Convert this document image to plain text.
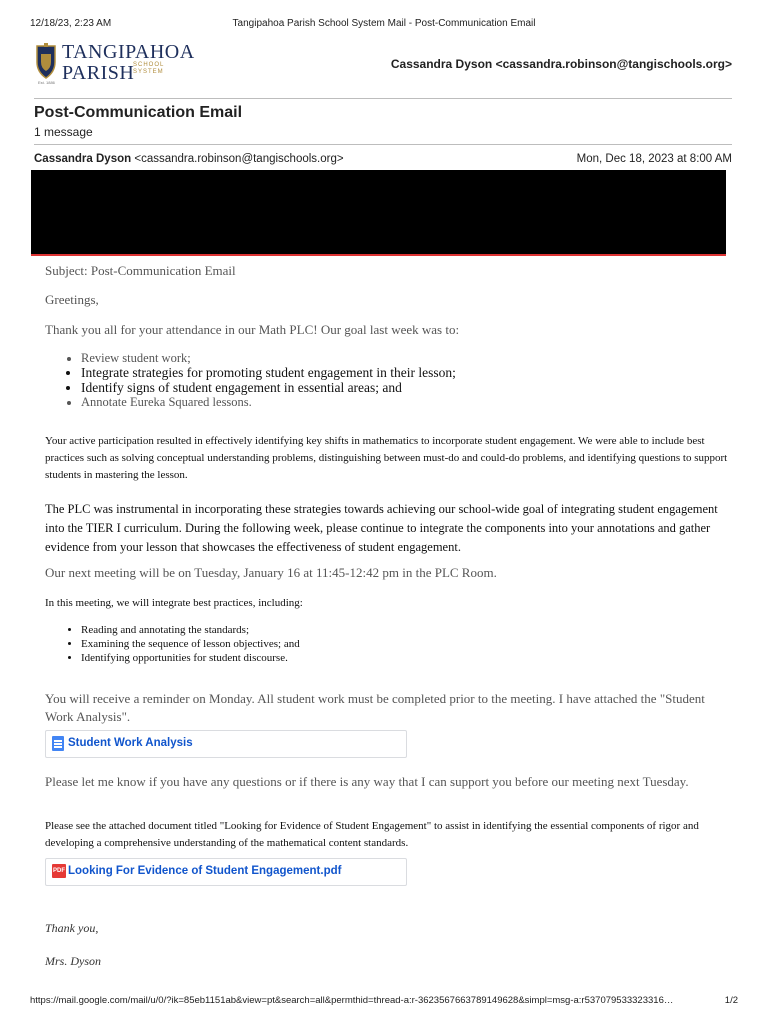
12/18/23, 2:23 AM	Tangipahoa Parish School System Mail - Post-Communication Email
TANGIPAHOA
PARISH
SCHOOL
SYSTEM
Est. 1886
Cassandra Dyson <cassandra.robinson@tangischools.org>
Post-Communication Email
1 message
Cassandra Dyson <cassandra.robinson@tangischools.org>	Mon, Dec 18, 2023 at 8:00 AM
Subject: Post-Communication Email
Greetings,
Thank you all for your attendance in our Math PLC! Our goal last week was to:
• Review student work;
• Integrate strategies for promoting student engagement in their lesson;
• Identify signs of student engagement in essential areas; and
• Annotate Eureka Squared lessons.

Your active participation resulted in effectively identifying key shifts in mathematics to incorporate student engagement. We were able to include best practices such as solving conceptual understanding problems, distinguishing between must-do and could-do problems, and identifying questions to support students in mastering the lesson.

The PLC was instrumental in incorporating these strategies towards achieving our school-wide goal of integrating student engagement into the TIER I curriculum. During the following week, please continue to integrate the components into your annotations and gather evidence from your lesson that showcases the effectiveness of student engagement.

Our next meeting will be on Tuesday, January 16 at 11:45-12:42 pm in the PLC Room.
In this meeting, we will integrate best practices, including:
• Reading and annotating the standards;
• Examining the sequence of lesson objectives; and
• Identifying opportunities for student discourse.

You will receive a reminder on Monday. All student work must be completed prior to the meeting. I have attached the "Student Work Analysis".

Student Work Analysis
Please let me know if you have any questions or if there is any way that I can support you before our meeting next Tuesday.

Please see the attached document titled "Looking for Evidence of Student Engagement" to assist in identifying the essential components of rigor and developing a comprehensive understanding of the mathematical content standards.

PDF Looking For Evidence of Student Engagement.pdf
Thank you,
Mrs. Dyson
https://mail.google.com/mail/u/0/?ik=85eb1151ab&view=pt&search=all&permthid=thread-a:r-3623567663789149628&simpl=msg-a:r537079533323316…	1/2
